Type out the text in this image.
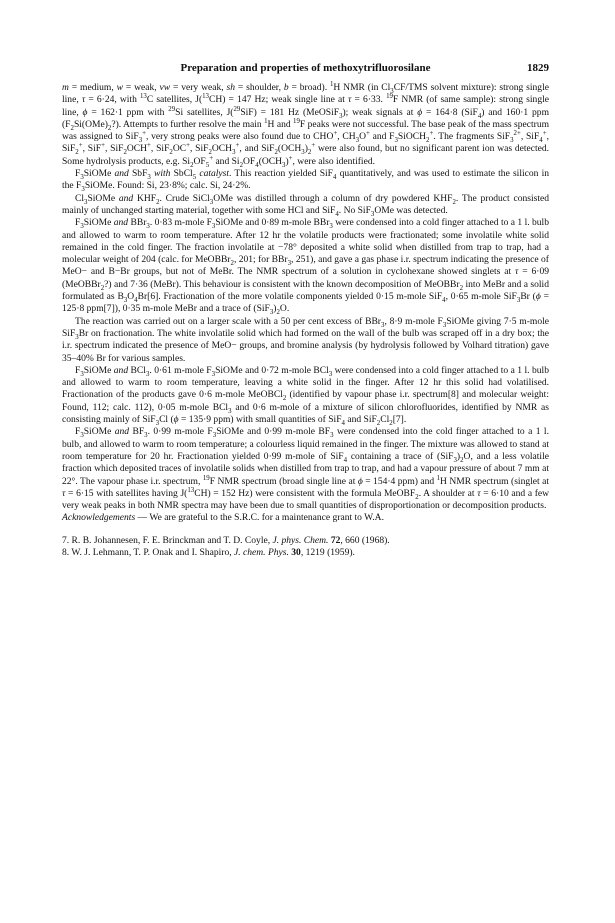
Preparation and properties of methoxytrifluorosilane	1829

m = medium, w = weak, vw = very weak, sh = shoulder, b = broad). $^1$H NMR (in $Cl_3CF$/TMS solvent mixture): strong single line, τ = 6·24, with $^{13}$C satellites, J($^{13}$CH) = 147 Hz; weak single line at τ = 6·33. $^{19}$F NMR (of same sample): strong single line, ϕ = 162·1 ppm with $^{29}$Si satellites, J($^{29}$SiF) = 181 Hz (MeOSiF$_3$); weak signals at ϕ = 164·8 (SiF$_4$) and 160·1 ppm $(F_2Si(OMe)_2?)$. Attempts to further resolve the main $^1$H and $^{19}$F peaks were not successful. The base peak of the mass spectrum was assigned to SiF$_3$+, very strong peaks were also found due to CHO+, $CH_3O^+$ and $F_3SiOCH_2^+$. The fragments SiF$_3^{2+}$, SiF$_4$+, SiF$_2$+, SiF+, SiF$_2$OCH+, SiF$_2$OC+, $SiF_2OCH_3^+$, and $SiF_2(OCH_3)_2^+$ were also found, but no significant parent ion was detected. Some hydrolysis products, e.g. $Si_2OF_5^+$ and $Si_2OF_4(OCH_3)^+$, were also identified.

$F_3SiOMe$ and SbF$_3$ with SbCl$_5$ catalyst. This reaction yielded SiF$_4$ quantitatively, and was used to estimate the silicon in the $F_3SiOMe$. Found: Si, 23·8%; calc. Si, 24·2%.

$Cl_3SiOMe$ and $KHF_2$. Crude SiCl$_3$OMe was distilled through a column of dry powdered $KHF_2$. The product consisted mainly of unchanged starting material, together with some HCl and SiF$_4$. No SiF$_3$OMe was detected.

$F_3SiOMe$ and BBr$_3$. 0·83 m-mole $F_3SiOMe$ and 0·89 m-mole BBr$_3$ were condensed into a cold finger attached to a 1 l. bulb and allowed to warm to room temperature. After 12 hr the volatile products were fractionated; some involatile white solid remained in the cold finger. The fraction involatile at −78° deposited a white solid when distilled from trap to trap, had a molecular weight of 204 (calc. for MeOBBr$_2$, 201; for BBr$_3$, 251), and gave a gas phase i.r. spectrum indicating the presence of MeO− and B−Br groups, but not of MeBr. The NMR spectrum of a solution in cyclohexane showed singlets at τ = 6·09 (MeOBBr$_2$?) and 7·36 (MeBr). This behaviour is consistent with the known decomposition of MeOBBr$_2$ into MeBr and a solid formulated as $B_3O_4Br[6]$. Fractionation of the more volatile components yielded 0·15 m-mole SiF$_4$, 0·65 m-mole SiF$_3$Br (ϕ = 125·8 ppm[7]), 0·35 m-mole MeBr and a trace of $(SiF_3)_2O$.

The reaction was carried out on a larger scale with a 50 per cent excess of BBr$_3$, 8·9 m-mole $F_3SiOMe$ giving 7·5 m-mole SiF$_3$Br on fractionation. The white involatile solid which had formed on the wall of the bulb was scraped off in a dry box; the i.r. spectrum indicated the presence of MeO− groups, and bromine analysis (by hydrolysis followed by Volhard titration) gave 35–40% Br for various samples.

$F_3SiOMe$ and BCl$_3$. 0·61 m-mole $F_3SiOMe$ and 0·72 m-mole BCl$_3$ were condensed into a cold finger attached to a 1 l. bulb and allowed to warm to room temperature, leaving a white solid in the finger. After 12 hr this solid had volatilised. Fractionation of the products gave 0·6 m-mole MeOBCl$_2$ (identified by vapour phase i.r. spectrum[8] and molecular weight: Found, 112; calc. 112), 0·05 m-mole BCl$_3$ and 0·6 m-mole of a mixture of silicon chlorofluorides, identified by NMR as consisting mainly of SiF$_3$Cl (ϕ = 135·9 ppm) with small quantities of SiF$_4$ and $SiF_2Cl_2[7]$.

$F_3SiOMe$ and $BF_3$. 0·99 m-mole $F_3SiOMe$ and 0·99 m-mole $BF_3$ were condensed into the cold finger attached to a 1 l. bulb, and allowed to warm to room temperature; a colourless liquid remained in the finger. The mixture was allowed to stand at room temperature for 20 hr. Fractionation yielded 0·99 m-mole of SiF$_4$ containing a trace of $(SiF_3)_2O$, and a less volatile fraction which deposited traces of involatile solids when distilled from trap to trap, and had a vapour pressure of about 7 mm at 22°. The vapour phase i.r. spectrum, $^{19}$F NMR spectrum (broad single line at ϕ = 154·4 ppm) and $^1$H NMR spectrum (singlet at τ = 6·15 with satellites having J($^{13}$CH) = 152 Hz) were consistent with the formula MeOBF$_2$. A shoulder at τ = 6·10 and a few very weak peaks in both NMR spectra may have been due to small quantities of disproportionation or decomposition products.

Acknowledgements — We are grateful to the S.R.C. for a maintenance grant to W.A.

7. R. B. Johannesen, F. E. Brinckman and T. D. Coyle, J. phys. Chem. 72, 660 (1968).

8. W. J. Lehmann, T. P. Onak and I. Shapiro, J. chem. Phys. 30, 1219 (1959).
